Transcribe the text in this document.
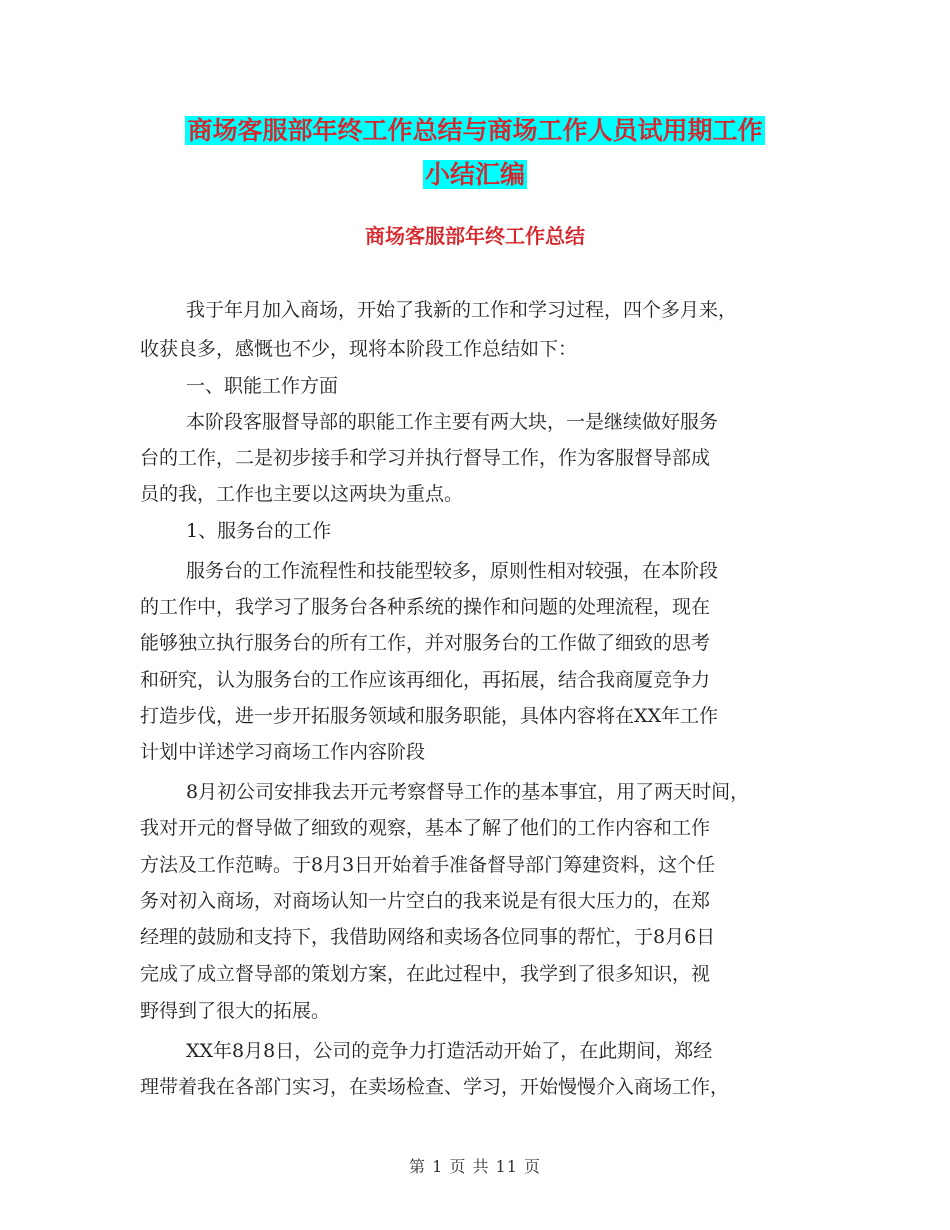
商场客服部年终工作总结与商场工作人员试用期工作
小结汇编
商场客服部年终工作总结
我于年月加入商场，开始了我新的工作和学习过程，四个多月来，
收获良多，感慨也不少，现将本阶段工作总结如下：
一、职能工作方面
本阶段客服督导部的职能工作主要有两大块，一是继续做好服务
台的工作，二是初步接手和学习并执行督导工作，作为客服督导部成
员的我，工作也主要以这两块为重点。
1、服务台的工作
服务台的工作流程性和技能型较多，原则性相对较强，在本阶段
的工作中，我学习了服务台各种系统的操作和问题的处理流程，现在
能够独立执行服务台的所有工作，并对服务台的工作做了细致的思考
和研究，认为服务台的工作应该再细化，再拓展，结合我商厦竞争力
打造步伐，进一步开拓服务领域和服务职能，具体内容将在XX年工作
计划中详述学习商场工作内容阶段
8月初公司安排我去开元考察督导工作的基本事宜，用了两天时间，
我对开元的督导做了细致的观察，基本了解了他们的工作内容和工作
方法及工作范畴。于8月3日开始着手准备督导部门筹建资料，这个任
务对初入商场，对商场认知一片空白的我来说是有很大压力的，在郑
经理的鼓励和支持下，我借助网络和卖场各位同事的帮忙，于8月6日
完成了成立督导部的策划方案，在此过程中，我学到了很多知识，视
野得到了很大的拓展。
XX年8月8日，公司的竞争力打造活动开始了，在此期间，郑经
理带着我在各部门实习，在卖场检查、学习，开始慢慢介入商场工作，
第 1 页 共 11 页
